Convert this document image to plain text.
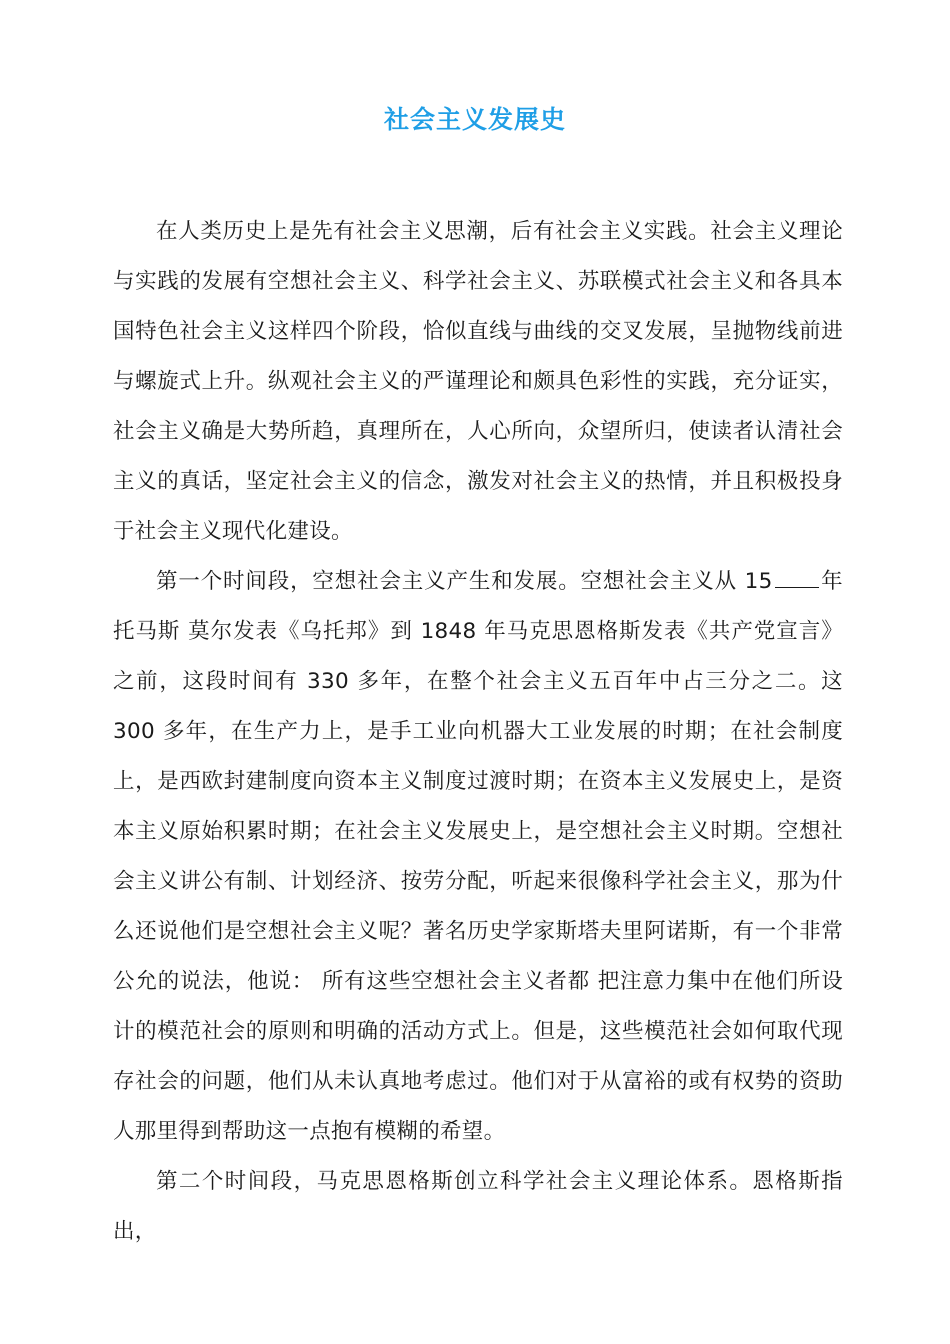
社会主义发展史

在人类历史上是先有社会主义思潮，后有社会主义实践。社会主义理论与实践的发展有空想社会主义、科学社会主义、苏联模式社会主义和各具本国特色社会主义这样四个阶段，恰似直线与曲线的交叉发展，呈抛物线前进与螺旋式上升。纵观社会主义的严谨理论和颇具色彩性的实践，充分证实，社会主义确是大势所趋，真理所在，人心所向，众望所归，使读者认清社会主义的真话，坚定社会主义的信念，激发对社会主义的热情，并且积极投身于社会主义现代化建设。

第一个时间段，空想社会主义产生和发展。空想社会主义从 15 年托马斯 莫尔发表《乌托邦》到 1848 年马克思恩格斯发表《共产党宣言》之前，这段时间有 330 多年，在整个社会主义五百年中占三分之二。这 300 多年，在生产力上，是手工业向机器大工业发展的时期；在社会制度上，是西欧封建制度向资本主义制度过渡时期；在资本主义发展史上，是资本主义原始积累时期；在社会主义发展史上，是空想社会主义时期。空想社会主义讲公有制、计划经济、按劳分配，听起来很像科学社会主义，那为什么还说他们是空想社会主义呢？著名历史学家斯塔夫里阿诺斯，有一个非常公允的说法，他说： 所有这些空想社会主义者都 把注意力集中在他们所设计的模范社会的原则和明确的活动方式上。但是，这些模范社会如何取代现存社会的问题，他们从未认真地考虑过。他们对于从富裕的或有权势的资助人那里得到帮助这一点抱有模糊的希望。

第二个时间段，马克思恩格斯创立科学社会主义理论体系。恩格斯指出，
